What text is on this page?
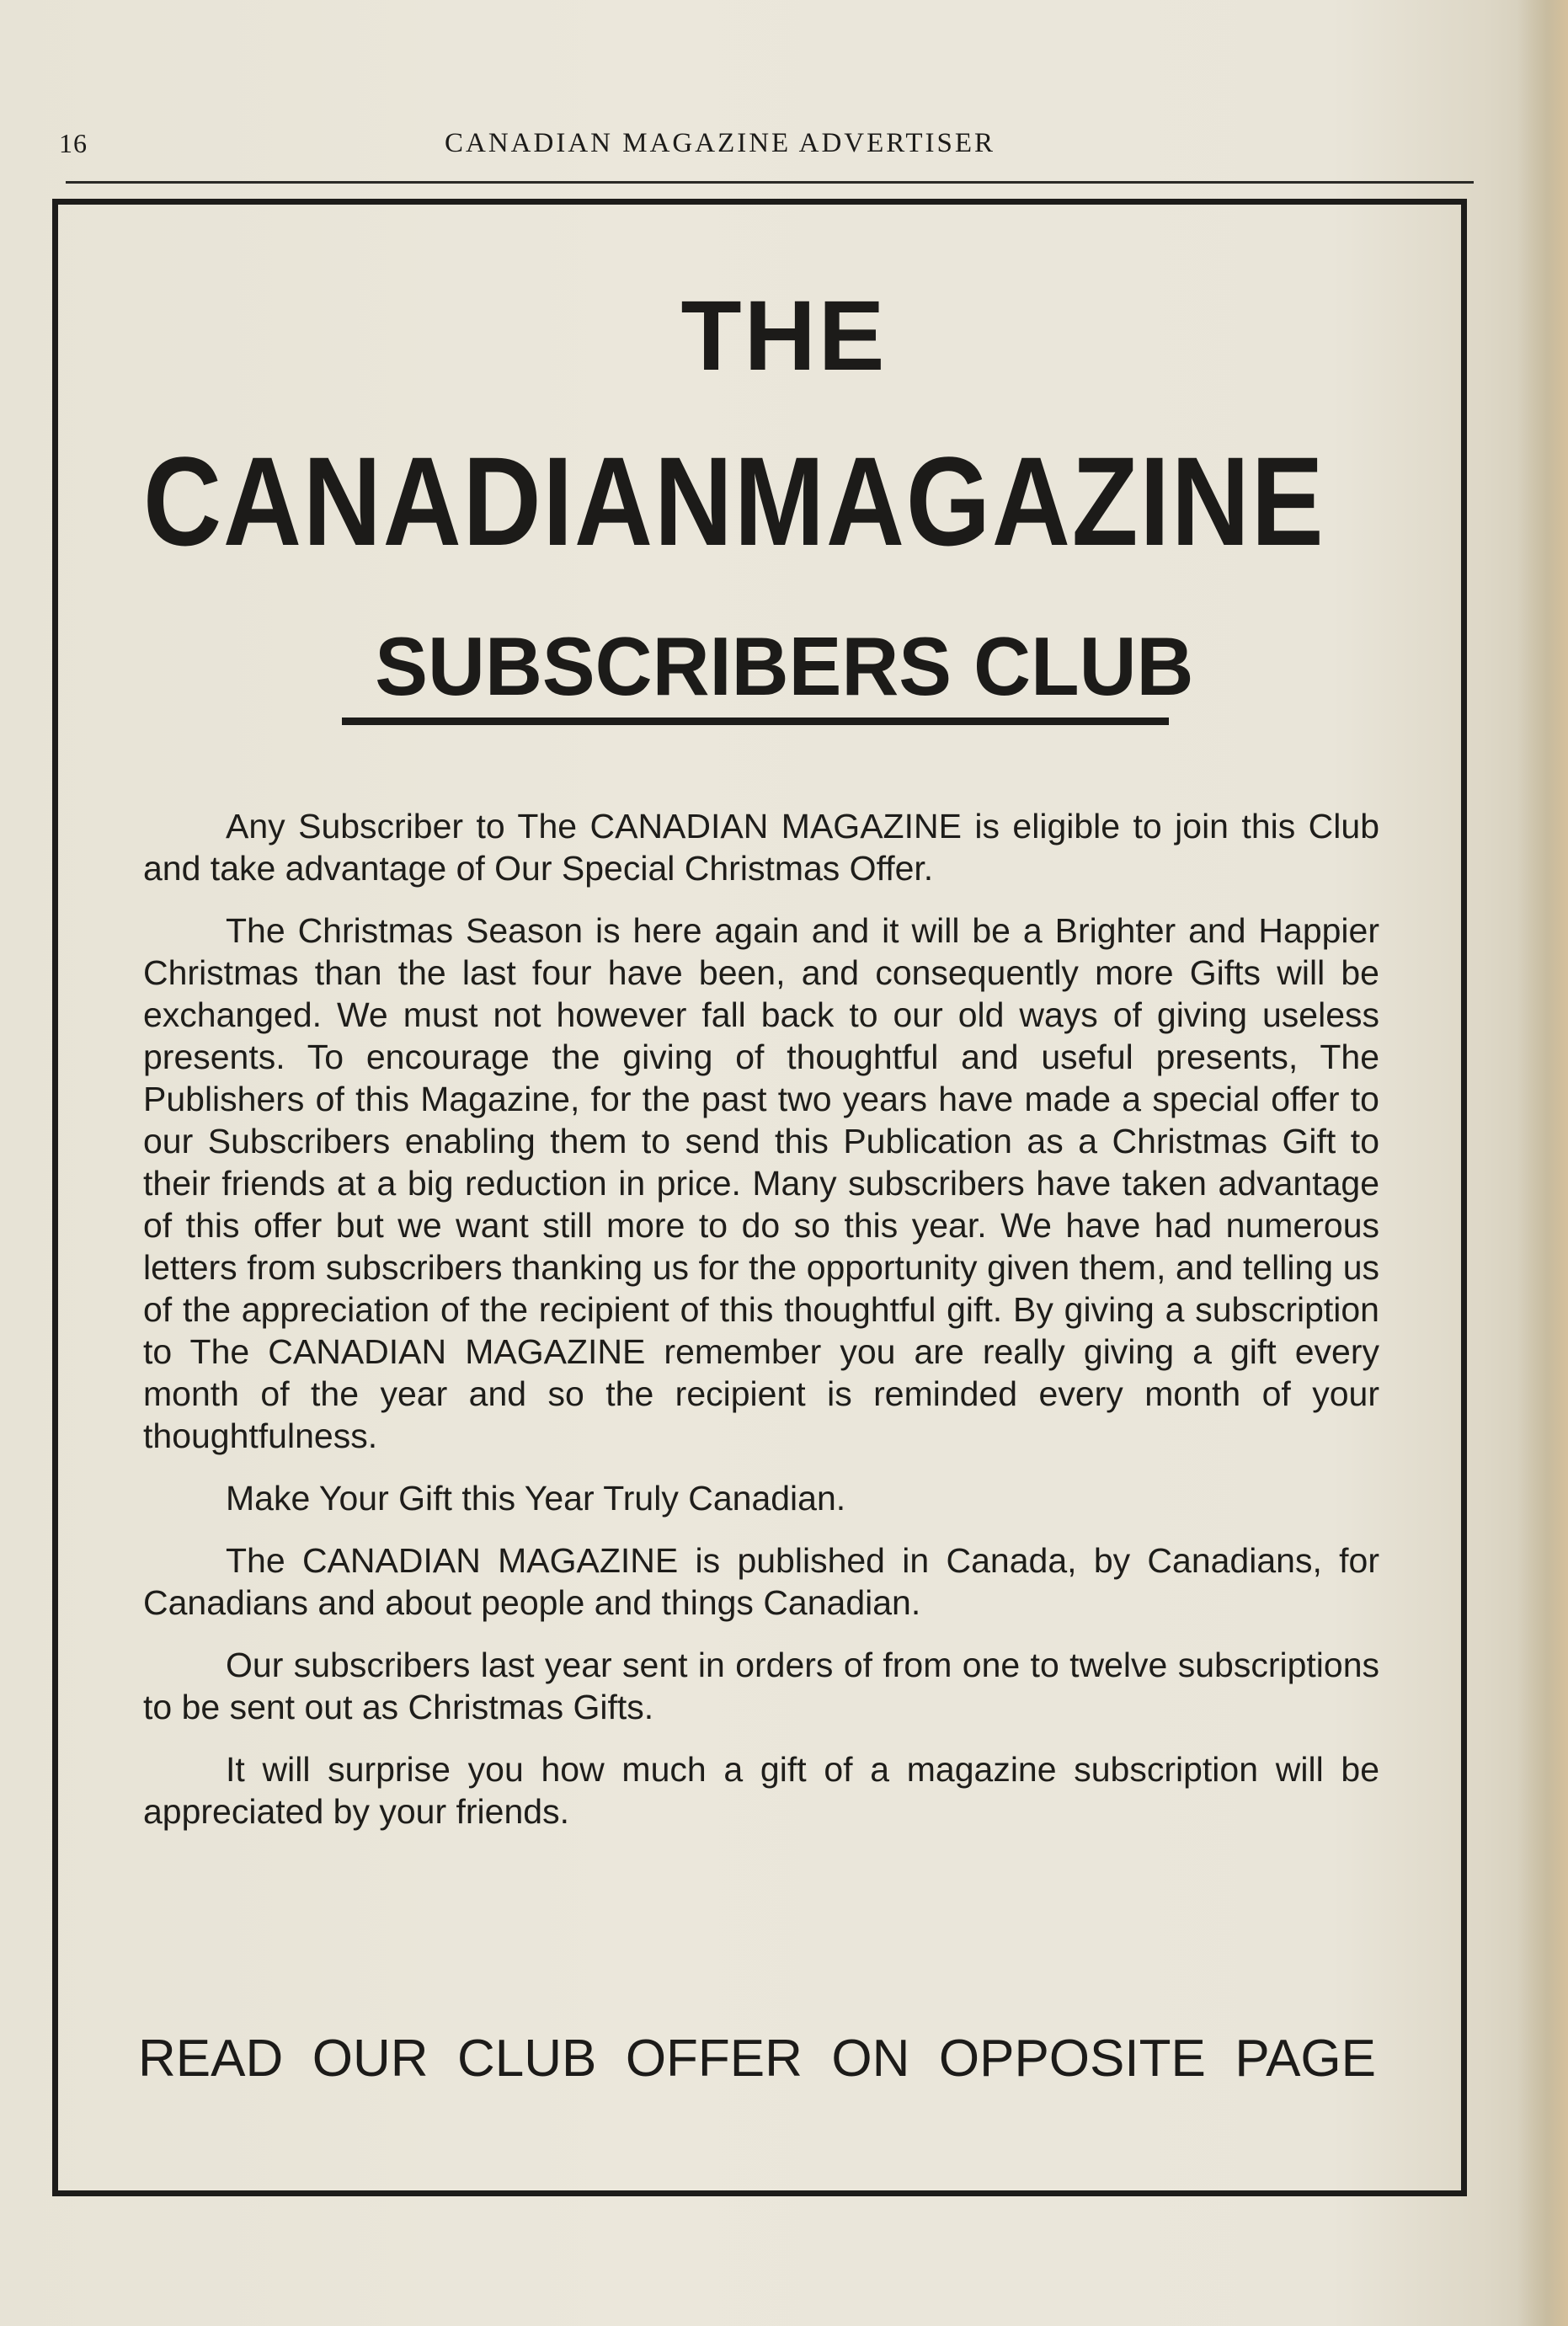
16	CANADIAN MAGAZINE ADVERTISER
THE
CANADIAN MAGAZINE
SUBSCRIBERS CLUB

Any Subscriber to The CANADIAN MAGAZINE is eligible to join this Club and take advantage of Our Special Christmas Offer.

The Christmas Season is here again and it will be a Brighter and Happier Christmas than the last four have been, and consequently more Gifts will be exchanged. We must not however fall back to our old ways of giving useless presents. To encourage the giving of thoughtful and useful presents, The Publishers of this Magazine, for the past two years have made a special offer to our Subscribers enabling them to send this Publication as a Christmas Gift to their friends at a big reduction in price. Many subscribers have taken advantage of this offer but we want still more to do so this year. We have had numerous letters from subscribers thanking us for the opportunity given them, and telling us of the appreciation of the recipient of this thoughtful gift. By giving a subscription to The CANADIAN MAGAZINE remember you are really giving a gift every month of the year and so the recipient is reminded every month of your thoughtfulness.

Make Your Gift this Year Truly Canadian.

The CANADIAN MAGAZINE is published in Canada, by Canadians, for Canadians and about people and things Canadian.

Our subscribers last year sent in orders of from one to twelve subscriptions to be sent out as Christmas Gifts.

It will surprise you how much a gift of a magazine subscription will be appreciated by your friends.

READ OUR CLUB OFFER ON OPPOSITE PAGE
